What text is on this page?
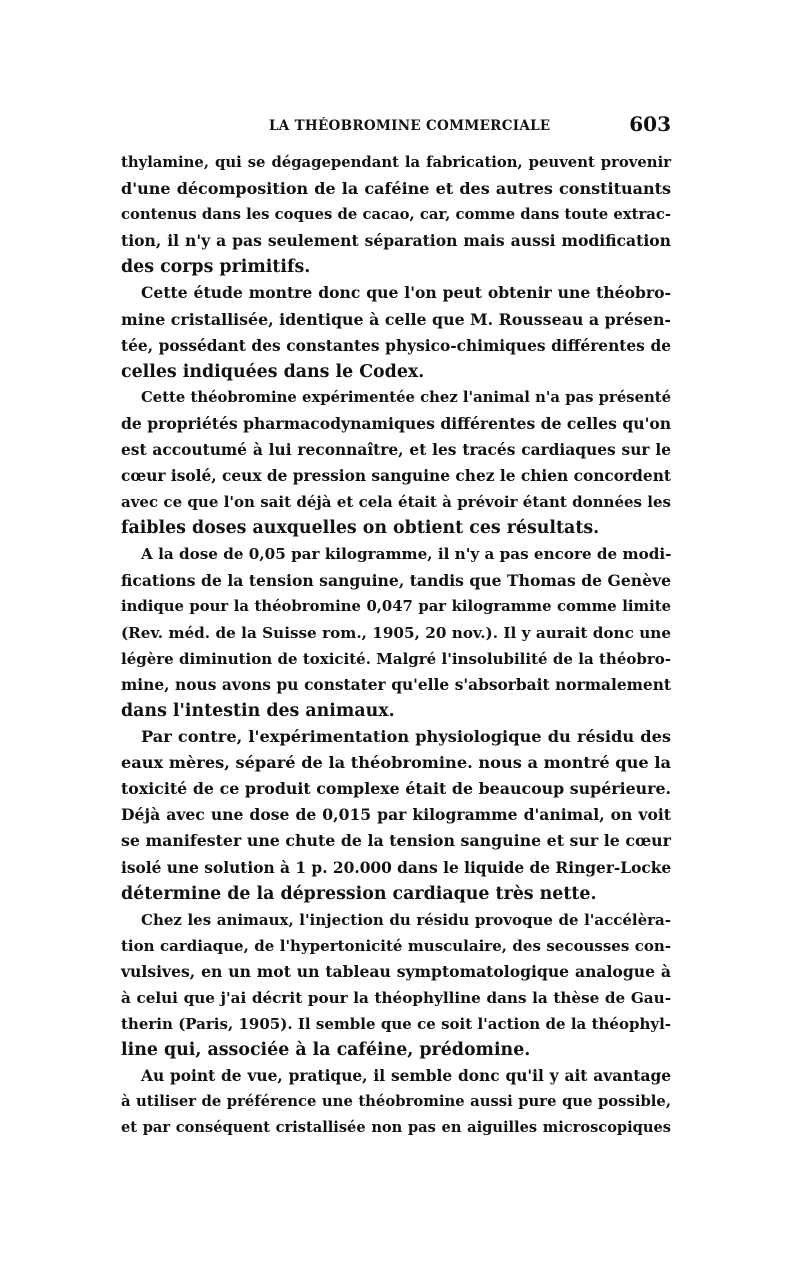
LA THÉOBROMINE COMMERCIALE	603
thylamine, qui se dégagependant la fabrication, peuvent provenir
d'une décomposition de la caféine et des autres constituants
contenus dans les coques de cacao, car, comme dans toute extrac-
tion, il n'y a pas seulement séparation mais aussi modification
des corps primitifs.
Cette étude montre donc que l'on peut obtenir une théobro-
mine cristallisée, identique à celle que M. Rousseau a présen-
tée, possédant des constantes physico-chimiques différentes de
celles indiquées dans le Codex.
Cette théobromine expérimentée chez l'animal n'a pas présenté
de propriétés pharmacodynamiques différentes de celles qu'on
est accoutumé à lui reconnaître, et les tracés cardiaques sur le
cœur isolé, ceux de pression sanguine chez le chien concordent
avec ce que l'on sait déjà et cela était à prévoir étant données les
faibles doses auxquelles on obtient ces résultats.
A la dose de 0,05 par kilogramme, il n'y a pas encore de modi-
fications de la tension sanguine, tandis que Thomas de Genève
indique pour la théobromine 0,047 par kilogramme comme limite
(Rev. méd. de la Suisse rom., 1905, 20 nov.). Il y aurait donc une
légère diminution de toxicité. Malgré l'insolubilité de la théobro-
mine, nous avons pu constater qu'elle s'absorbait normalement
dans l'intestin des animaux.
Par contre, l'expérimentation physiologique du résidu des
eaux mères, séparé de la théobromine. nous a montré que la
toxicité de ce produit complexe était de beaucoup supérieure.
Déjà avec une dose de 0,015 par kilogramme d'animal, on voit
se manifester une chute de la tension sanguine et sur le cœur
isolé une solution à 1 p. 20.000 dans le liquide de Ringer-Locke
détermine de la dépression cardiaque très nette.
Chez les animaux, l'injection du résidu provoque de l'accélèra-
tion cardiaque, de l'hypertonicité musculaire, des secousses con-
vulsives, en un mot un tableau symptomatologique analogue à
à celui que j'ai décrit pour la théophylline dans la thèse de Gau-
therin (Paris, 1905). Il semble que ce soit l'action de la théophyl-
line qui, associée à la caféine, prédomine.
Au point de vue, pratique, il semble donc qu'il y ait avantage
à utiliser de préférence une théobromine aussi pure que possible,
et par conséquent cristallisée non pas en aiguilles microscopiques
